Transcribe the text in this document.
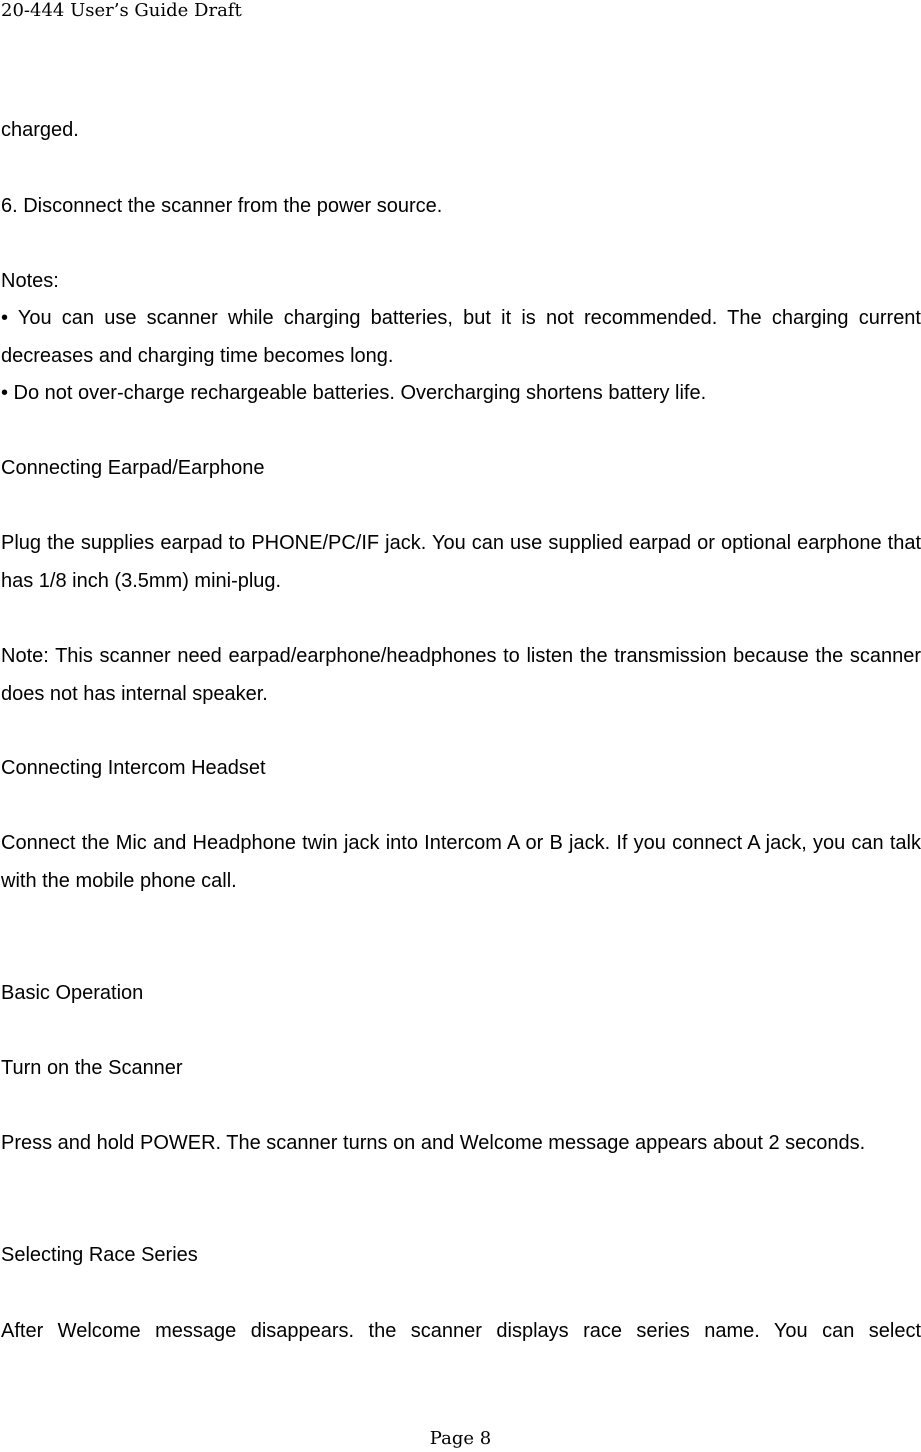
20-444 User’s Guide Draft

charged.

6. Disconnect the scanner from the power source.

Notes:

• You can use scanner while charging batteries, but it is not recommended. The charging current decreases and charging time becomes long.

• Do not over-charge rechargeable batteries. Overcharging shortens battery life.

Connecting Earpad/Earphone

Plug the supplies earpad to PHONE/PC/IF jack. You can use supplied earpad or optional earphone that has 1/8 inch (3.5mm) mini-plug.

Note: This scanner need earpad/earphone/headphones to listen the transmission because the scanner does not has internal speaker.

Connecting Intercom Headset

Connect the Mic and Headphone twin jack into Intercom A or B jack. If you connect A jack, you can talk with the mobile phone call.

Basic Operation

Turn on the Scanner

Press and hold POWER. The scanner turns on and Welcome message appears about 2 seconds.

Selecting Race Series

After Welcome message disappears. the scanner displays race series name. You can select

Page 8
